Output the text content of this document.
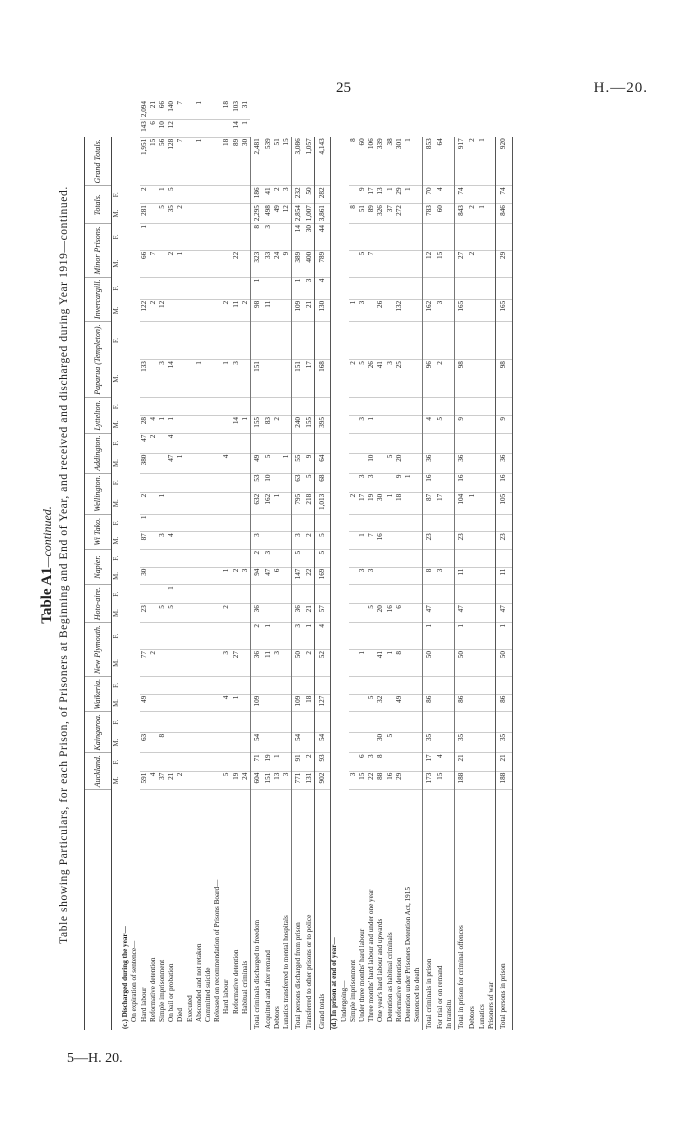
25	H.—20.
Table A1—continued. Table showing Particulars, for each Prison, of Prisoners at Beginning and End of Year, and received and discharged during Year 1919—continued.
		Auckland.		Kaingaroa.		Waikeria.		New Plymouth.		Hoto-aire.		Napier.		Wi Tako.		Wellington.		Addington.		Lyttelton.		Paparua (Templeton).		Invercargill.		Minor Prisons.		Totals.		Grand Totals.		
	M.	F.	M.	F.	M.	F.	M.	F.	M.	F.	M.	F.	M.	F.	M.	F.	M.	F.	M.	F.	M.	F.	M.	F.	M.	F.	M.	F.			
(c.) Discharged during the year—																															
On expiration of sentence—																															
Hard labour	591		63		49		77		23		30		87	1	2		380	47	28		133		122		66	1	281	2	1,951	143	2,094
Reformative detention	4						2											2	4				2		7				15	6	21
Simple imprisonment	37		8						5				3		1				1		3		12				5	1	56	10	66
On bail or probation	21								5	1			4				47	4	1		14				2		35	5	128	12	140
Died	2																1								1		2		7		7
Executed																															
Absconded and not retaken																					1								1		1
Committed suicide																															
Released on recommendation of Prisons Board—																															
Hard labour	5				4		3		2		1						4				1		2						18		18
Reformative detention	19				1		27				2								14		3		11		22				89	14	103
Habitual criminals	24										3								1				2						30	1	31

Total criminals discharged to freedom	604	71	54		109		36	2	36		94	2	3		632	53	49		155		151		98	1	323	8	2,295	186	2,481		
Acquitted and after remand	151	19					11	1			47	3			162	10	5		83				11		33	3	498	41	539		
Debtors	13	1					3				6				1				2						24		49	2	51		
Lunatics transferred to mental hospitals	3																1								9		12	3	15		

Total persons discharged from prison	771	91	54		109		50	3	36		147	5	3		795	63	55		240		151		109	1	389	14	2,854	232	3,086		
Transferred to other prisons or to police	131	2			18		2	1	21		22		2		218	5	9		155		17		21	3	400	30	1,007	50	1,057		

Grand totals	902	93	54		127		52	4	57		169	5	5		1,013	68	64		395		168		130	4	789	44	3,861	282	4,143		

(d.) In prison at end of year—																															
Undergoing—																															
Simple imprisonment	3														2						2		1				8		8		
Under three months' hard labour	15	6					1				3		1		17	3			3		5		3		5		51	9	60		
Three months' hard labour and under one year	22	3			5				5		3		7		19	3	10		1		26				7		89	17	106		
One year's hard labour and upwards	88	8	30		32		41		20				16		30						41		26				326	13	339		
Detention as habitual criminals	16		5				1		16						1		5				3						37	1	38		
Reformative detention	29				49		8		6						18	9	20				25		132				272	29	301		
Detention under Prisoners Detention Act, 1915																1												1	1		
Sentenced to death																															

Total criminals in prison	173	17	35		86		50	1	47		8		23		87	16	36		4		96		162		12		783	70	853		
For trial or on remand	15	4									3				17				5		2		3		15		60	4	64		
In transitu																															

Total in prison for criminal offences	188	21	35		86		50	1	47		11		23		104	16	36		9		98		165		27		843	74	917		
Debtors															1										2		2		2		
Lunatics																											1		1		
Prisoners of war																															

Total persons in prison	188	21	35		86		50	1	47		11		23		105	16	36		9		98		165		29		846	74	920		
5—H. 20.
